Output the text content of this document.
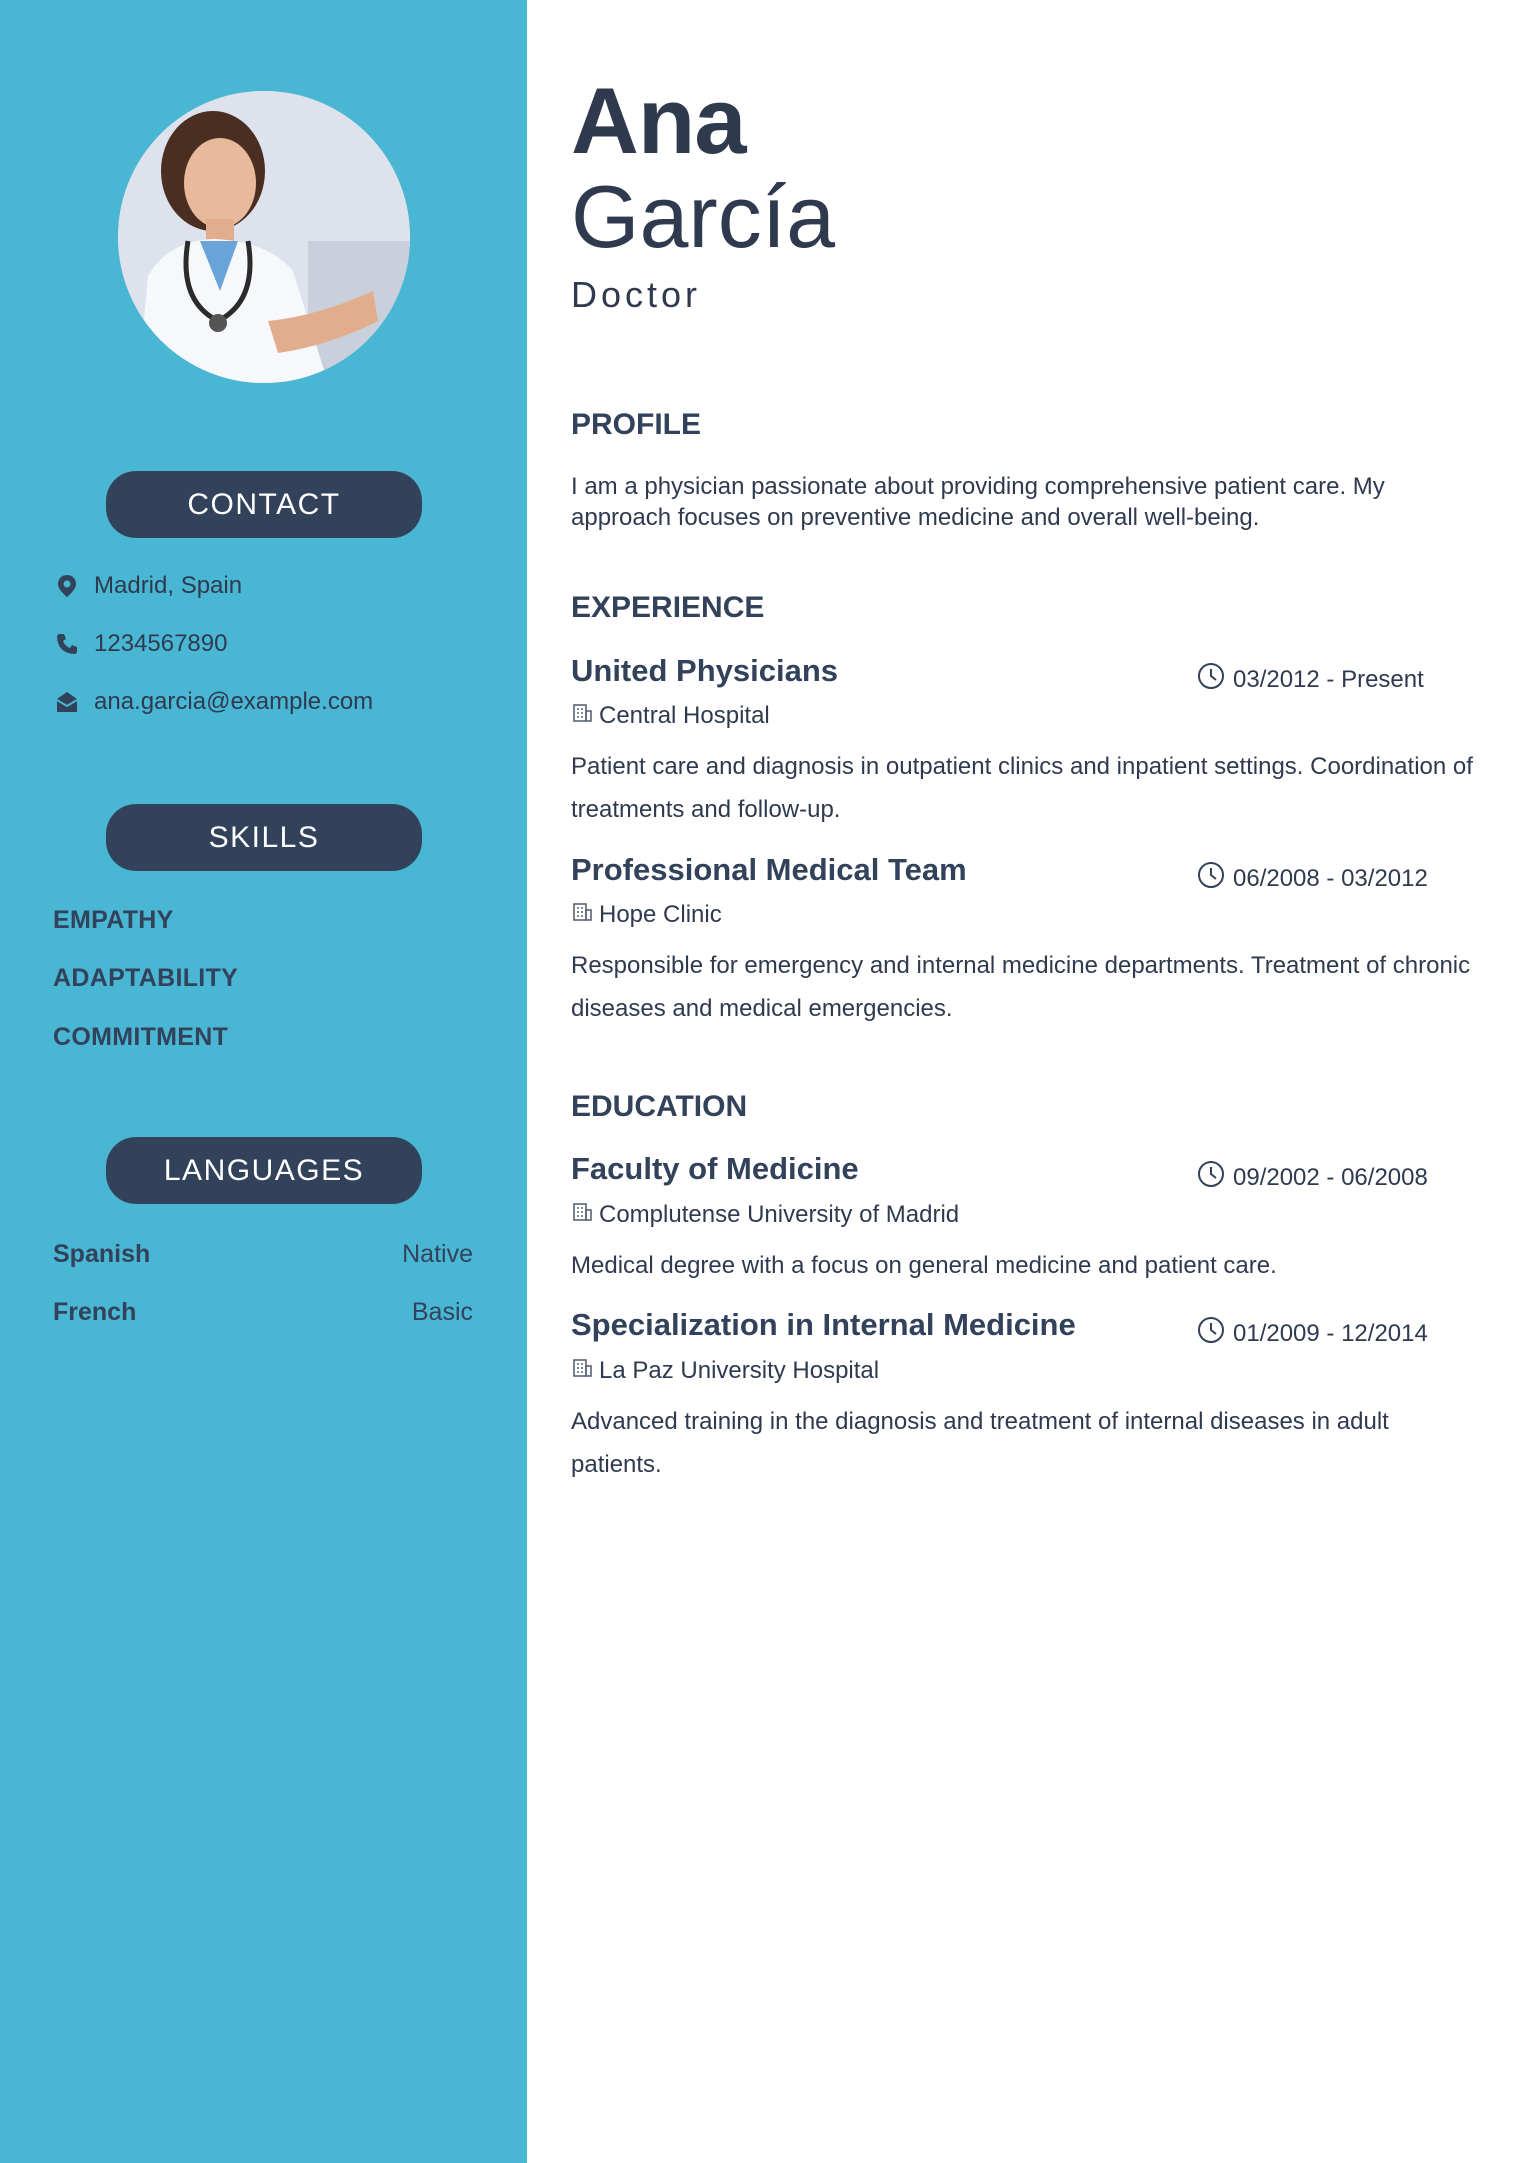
CONTACT
Madrid, Spain
1234567890
ana.garcia@example.com
SKILLS
EMPATHY
ADAPTABILITY
COMMITMENT
LANGUAGES
Spanish	Native
French	Basic
Ana
García
Doctor
PROFILE
I am a physician passionate about providing comprehensive patient care. My approach focuses on preventive medicine and overall well-being.
EXPERIENCE
United Physicians	03/2012 - Present
Central Hospital
Patient care and diagnosis in outpatient clinics and inpatient settings. Coordination of treatments and follow-up.
Professional Medical Team	06/2008 - 03/2012
Hope Clinic
Responsible for emergency and internal medicine departments. Treatment of chronic diseases and medical emergencies.
EDUCATION
Faculty of Medicine	09/2002 - 06/2008
Complutense University of Madrid
Medical degree with a focus on general medicine and patient care.
Specialization in Internal Medicine	01/2009 - 12/2014
La Paz University Hospital
Advanced training in the diagnosis and treatment of internal diseases in adult patients.
